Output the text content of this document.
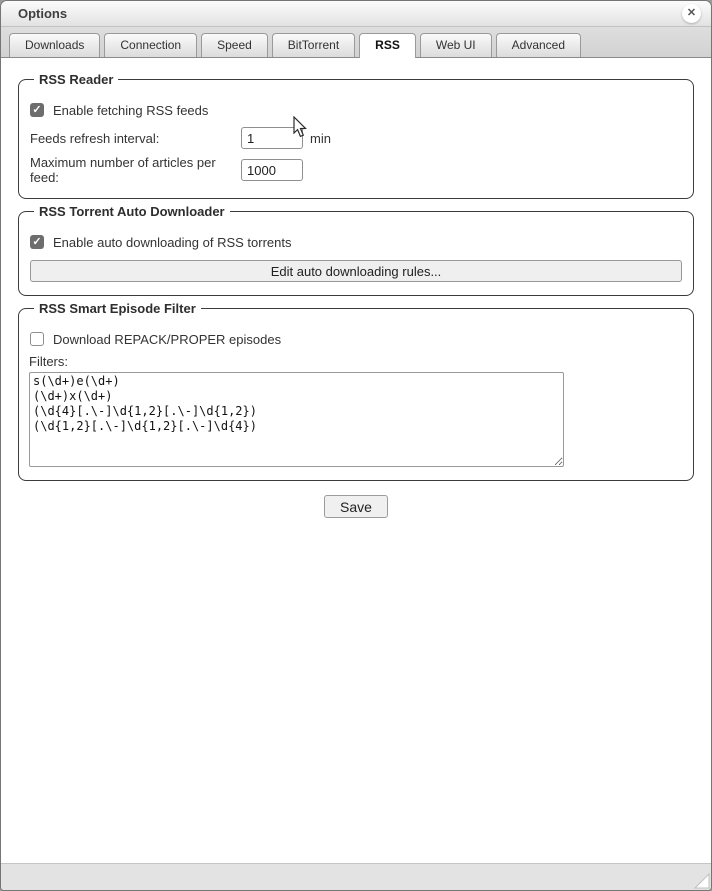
Options	✕
Downloads	Connection	Speed	BitTorrent	RSS	Web UI	Advanced
RSS Reader
✓ Enable fetching RSS feeds
Feeds refresh interval:
1	min
Maximum number of articles per feed:
1000
RSS Torrent Auto Downloader
✓ Enable auto downloading of RSS torrents
Edit auto downloading rules...
RSS Smart Episode Filter
Download REPACK/PROPER episodes
Filters:
s(\d+)e(\d+) (\d+)x(\d+) (\d{4}[.\-]\d{1,2}[.\-]\d{1,2}) (\d{1,2}[.\-]\d{1,2}[.\-]\d{4})
Save
